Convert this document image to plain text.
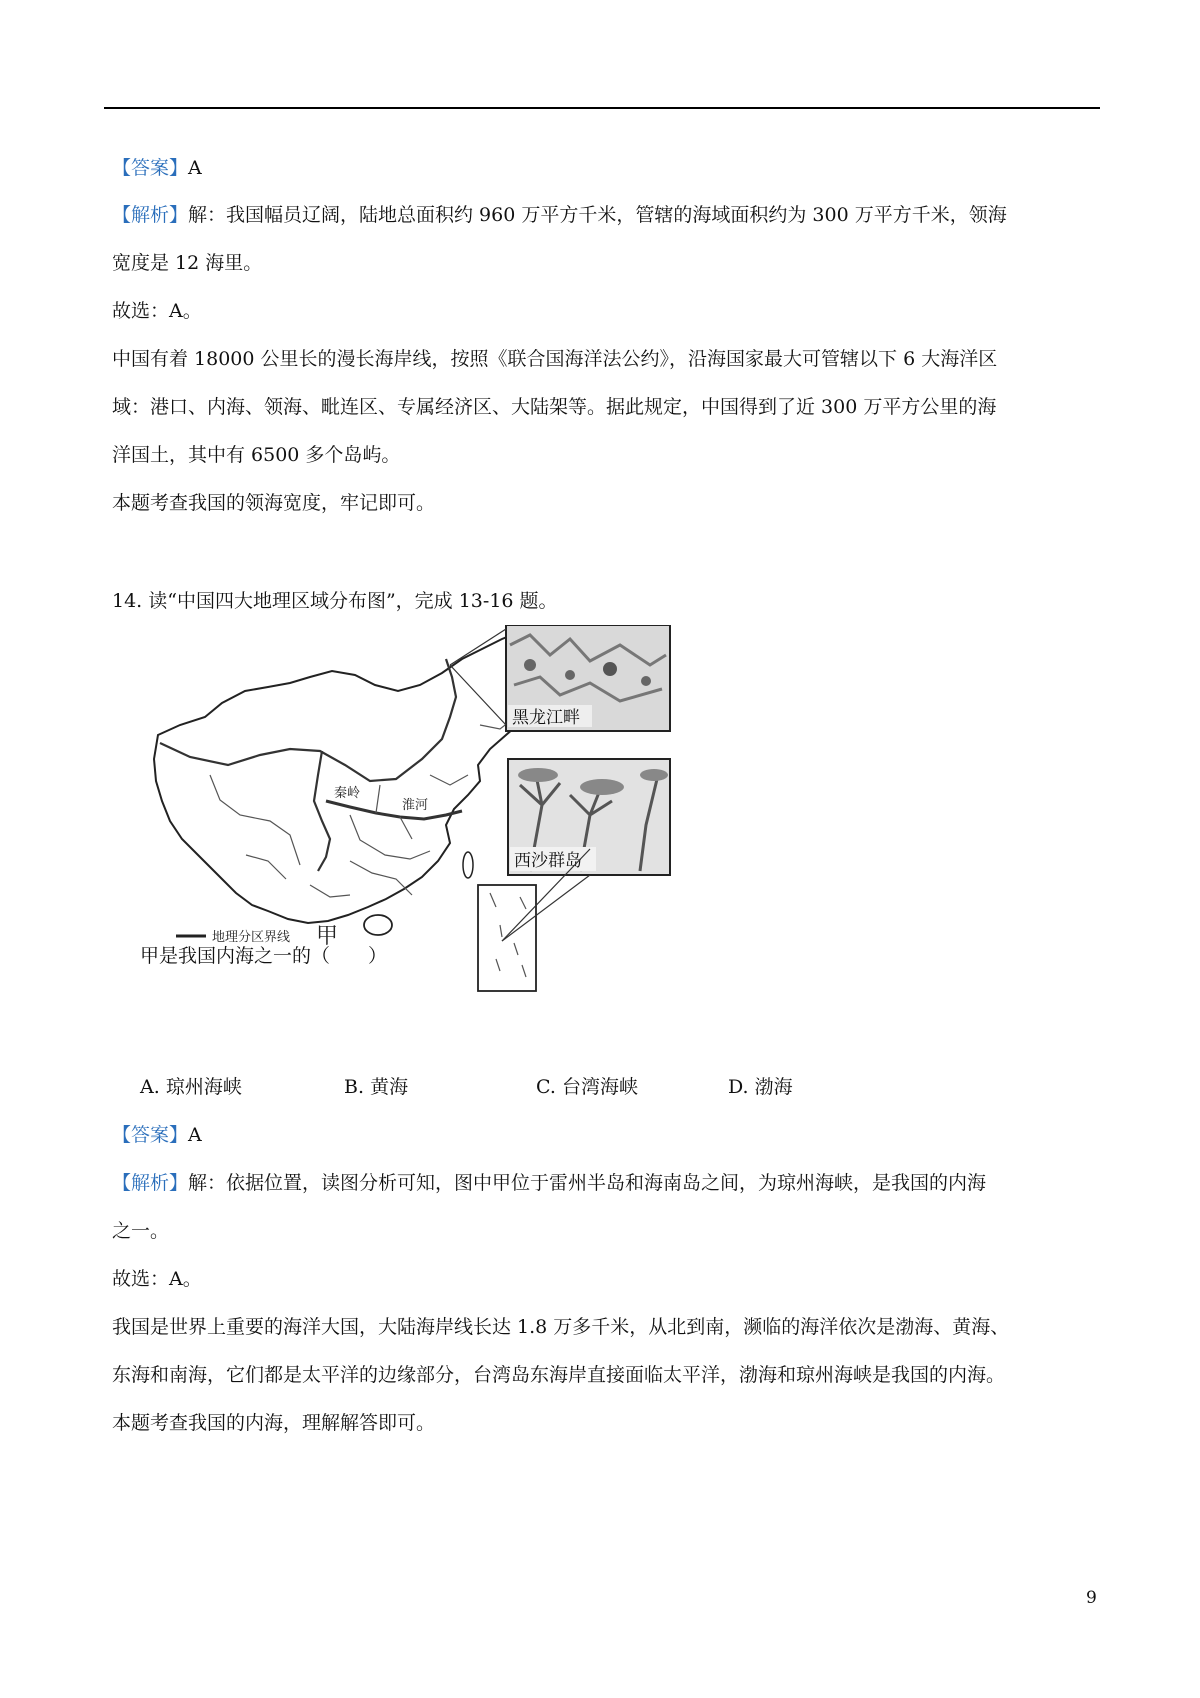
【答案】A
【解析】解：我国幅员辽阔，陆地总面积约 960 万平方千米，管辖的海域面积约为 300 万平方千米，领海
宽度是 12 海里。
故选：A。
中国有着 18000 公里长的漫长海岸线，按照《联合国海洋法公约》，沿海国家最大可管辖以下 6 大海洋区
域：港口、内海、领海、毗连区、专属经济区、大陆架等。据此规定，中国得到了近 300 万平方公里的海
洋国土，其中有 6500 多个岛屿。
本题考查我国的领海宽度，牢记即可。
14. 读“中国四大地理区域分布图”，完成 13-16 题。
秦岭
淮河
甲
地理分区界线
黑龙江畔
西沙群岛
甲是我国内海之一的（　　）
A. 琼州海峡	B. 黄海	C. 台湾海峡	D. 渤海
【答案】A
【解析】解：依据位置，读图分析可知，图中甲位于雷州半岛和海南岛之间，为琼州海峡，是我国的内海
之一。
故选：A。
我国是世界上重要的海洋大国，大陆海岸线长达 1.8 万多千米，从北到南，濒临的海洋依次是渤海、黄海、
东海和南海，它们都是太平洋的边缘部分，台湾岛东海岸直接面临太平洋，渤海和琼州海峡是我国的内海。
本题考查我国的内海，理解解答即可。
9
